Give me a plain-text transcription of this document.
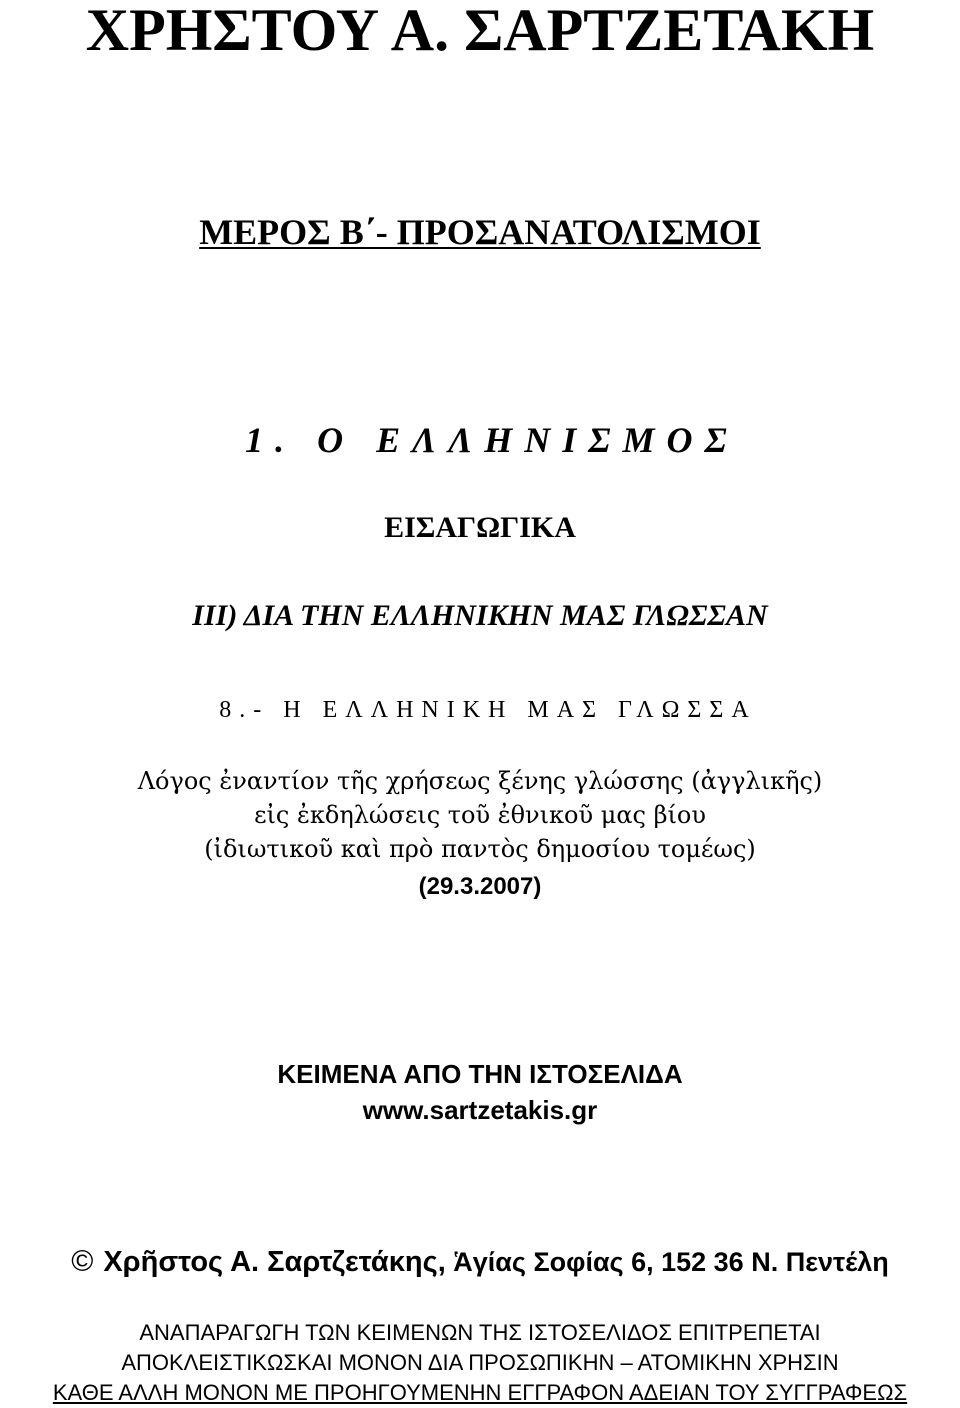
ΧΡΗΣΤΟΥ Α. ΣΑΡΤΖΕΤΑΚΗ
ΜΕΡΟΣ Β΄- ΠΡΟΣΑΝΑΤΟΛΙΣΜΟΙ
1. Ο ΕΛΛΗΝΙΣΜΟΣ
ΕΙΣΑΓΩΓΙΚΑ
ΙΙΙ) ΔΙΑ ΤΗΝ ΕΛΛΗΝΙΚΗΝ ΜΑΣ ΓΛΩΣΣΑΝ
8.- Η ΕΛΛΗΝΙΚΗ ΜΑΣ ΓΛΩΣΣΑ
Λόγος ἐναντίον τῆς χρήσεως ξένης γλώσσης (ἀγγλικῆς)
εἰς ἐκδηλώσεις τοῦ ἐθνικοῦ μας βίου
(ἰδιωτικοῦ καὶ πρὸ παντὸς δημοσίου τομέως)
(29.3.2007)
ΚΕΙΜΕΝΑ ΑΠΟ ΤΗΝ ΙΣΤΟΣΕΛΙΔΑ
www.sartzetakis.gr
© Χρῆστος Α. Σαρτζετάκης, Ἁγίας Σοφίας 6, 152 36 Ν. Πεντέλη
ΑΝΑΠΑΡΑΓΩΓΗ ΤΩΝ ΚΕΙΜΕΝΩΝ ΤΗΣ ΙΣΤΟΣΕΛΙΔΟΣ ΕΠΙΤΡΕΠΕΤΑΙ
ΑΠΟΚΛΕΙΣΤΙΚΩΣΚΑΙ ΜΟΝΟΝ ΔΙΑ ΠΡΟΣΩΠΙΚΗΝ – ΑΤΟΜΙΚΗΝ ΧΡΗΣΙΝ
ΚΑΘΕ ΑΛΛΗ ΜΟΝΟΝ ΜΕ ΠΡΟΗΓΟΥΜΕΝΗΝ ΕΓΓΡΑΦΟΝ ΑΔΕΙΑΝ ΤΟΥ ΣΥΓΓΡΑΦΕΩΣ
